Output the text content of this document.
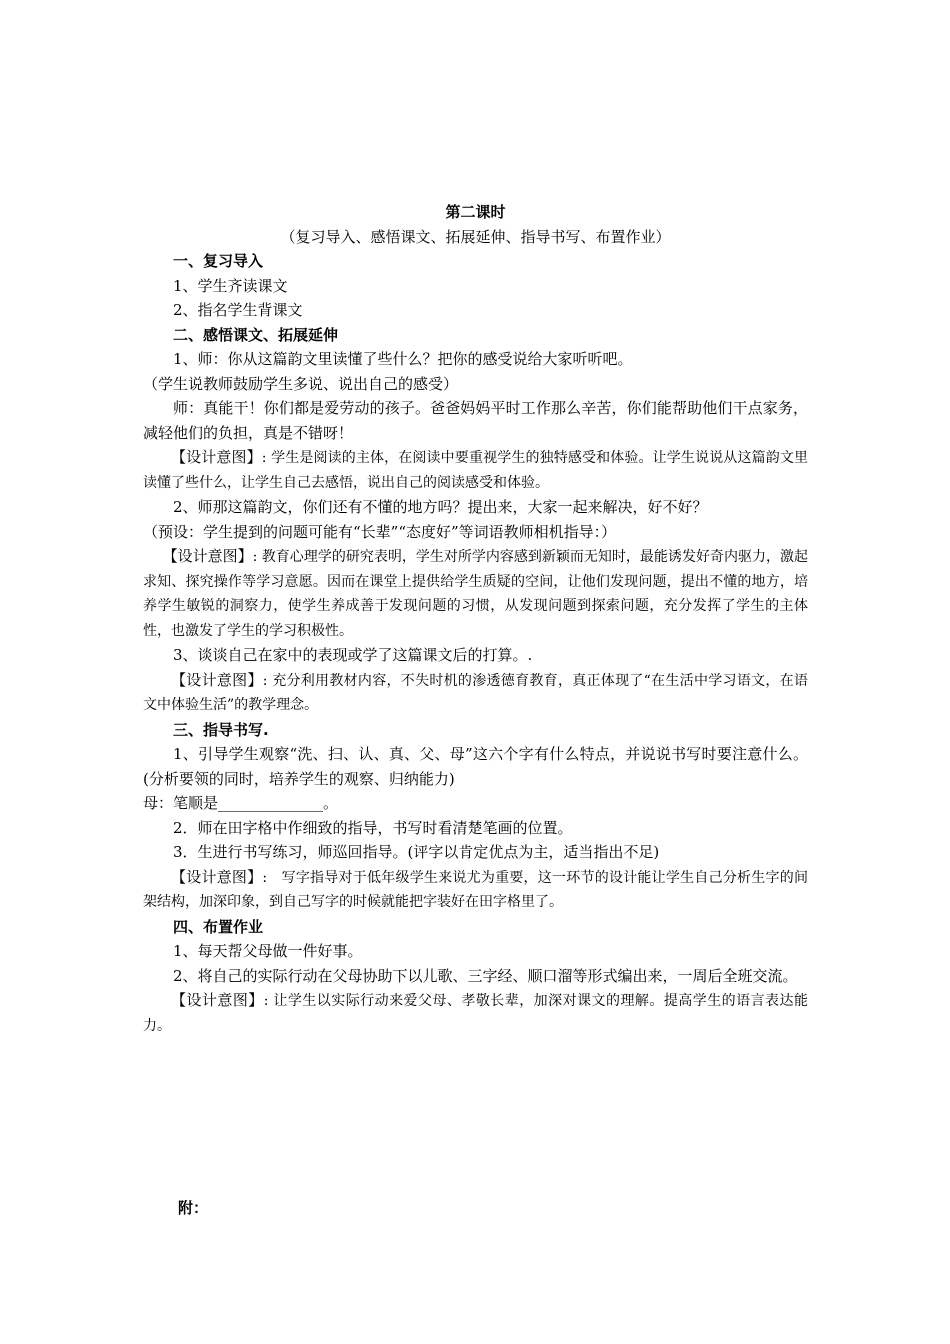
第二课时
（复习导入、感悟课文、拓展延伸、指导书写、布置作业）
一、复习导入
1、学生齐读课文
2、指名学生背课文
二、感悟课文、拓展延伸
1、师：你从这篇韵文里读懂了些什么？把你的感受说给大家听听吧。
（学生说教师鼓励学生多说、说出自己的感受）
师：真能干！你们都是爱劳动的孩子。爸爸妈妈平时工作那么辛苦，你们能帮助他们干点家务，减轻他们的负担，真是不错呀！
【设计意图】: 学生是阅读的主体，在阅读中要重视学生的独特感受和体验。让学生说说从这篇韵文里读懂了些什么，让学生自己去感悟，说出自己的阅读感受和体验。
2、师那这篇韵文，你们还有不懂的地方吗？提出来，大家一起来解决，好不好？
（预设：学生提到的问题可能有“长辈”“态度好”等词语教师相机指导：）
【设计意图】: 教育心理学的研究表明，学生对所学内容感到新颖而无知时，最能诱发好奇内驱力，激起求知、探究操作等学习意愿。因而在课堂上提供给学生质疑的空间，让他们发现问题，提出不懂的地方，培养学生敏锐的洞察力，使学生养成善于发现问题的习惯，从发现问题到探索问题，充分发挥了学生的主体性，也激发了学生的学习积极性。
3、谈谈自己在家中的表现或学了这篇课文后的打算。.
【设计意图】: 充分利用教材内容，不失时机的渗透德育教育，真正体现了“在生活中学习语文，在语文中体验生活”的教学理念。
三、指导书写.
1、引导学生观察“洗、扫、认、真、父、母”这六个字有什么特点，并说说书写时要注意什么。(分析要领的同时，培养学生的观察、归纳能力)
母：笔顺是______________。
2．师在田字格中作细致的指导，书写时看清楚笔画的位置。
3．生进行书写练习，师巡回指导。(评字以肯定优点为主，适当指出不足)
【设计意图】:　写字指导对于低年级学生来说尤为重要，这一环节的设计能让学生自己分析生字的间架结构，加深印象，到自己写字的时候就能把字装好在田字格里了。
四、布置作业
1、每天帮父母做一件好事。
2、将自己的实际行动在父母协助下以儿歌、三字经、顺口溜等形式编出来，一周后全班交流。
【设计意图】: 让学生以实际行动来爱父母、孝敬长辈，加深对课文的理解。提高学生的语言表达能力。
附：
